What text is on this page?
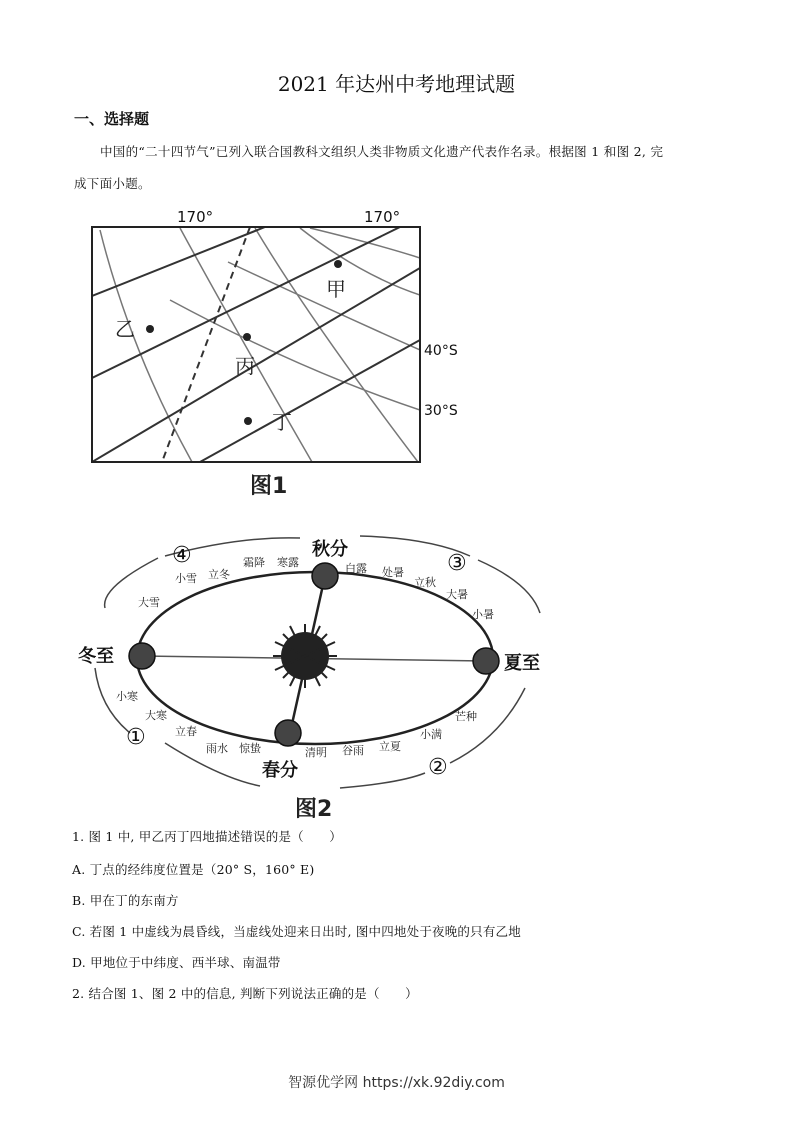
2021 年达州中考地理试题
一、选择题
中国的“二十四节气”已列入联合国教科文组织人类非物质文化遗产代表作名录。根据图 1 和图 2, 完
成下面小题。
甲
乙
丙
丁
170°	170°
40°S
30°S
图1
秋分
冬至	夏至
春分
④	③
①
②
寒露
霜降
立冬
小雪
大雪
白露 处暑
立秋
大暑
小暑
小寒
大寒
立春
雨水 惊蛰	清明 谷雨 立夏
小满
芒种
图2
1. 图 1 中, 甲乙丙丁四地描述错误的是（　　）
A. 丁点的经纬度位置是（20° S，160° E)
B. 甲在丁的东南方
C. 若图 1 中虚线为晨昏线，当虚线处迎来日出时, 图中四地处于夜晚的只有乙地
D. 甲地位于中纬度、西半球、南温带
2. 结合图 1、图 2 中的信息, 判断下列说法正确的是（　　）
智源优学网 https://xk.92diy.com
